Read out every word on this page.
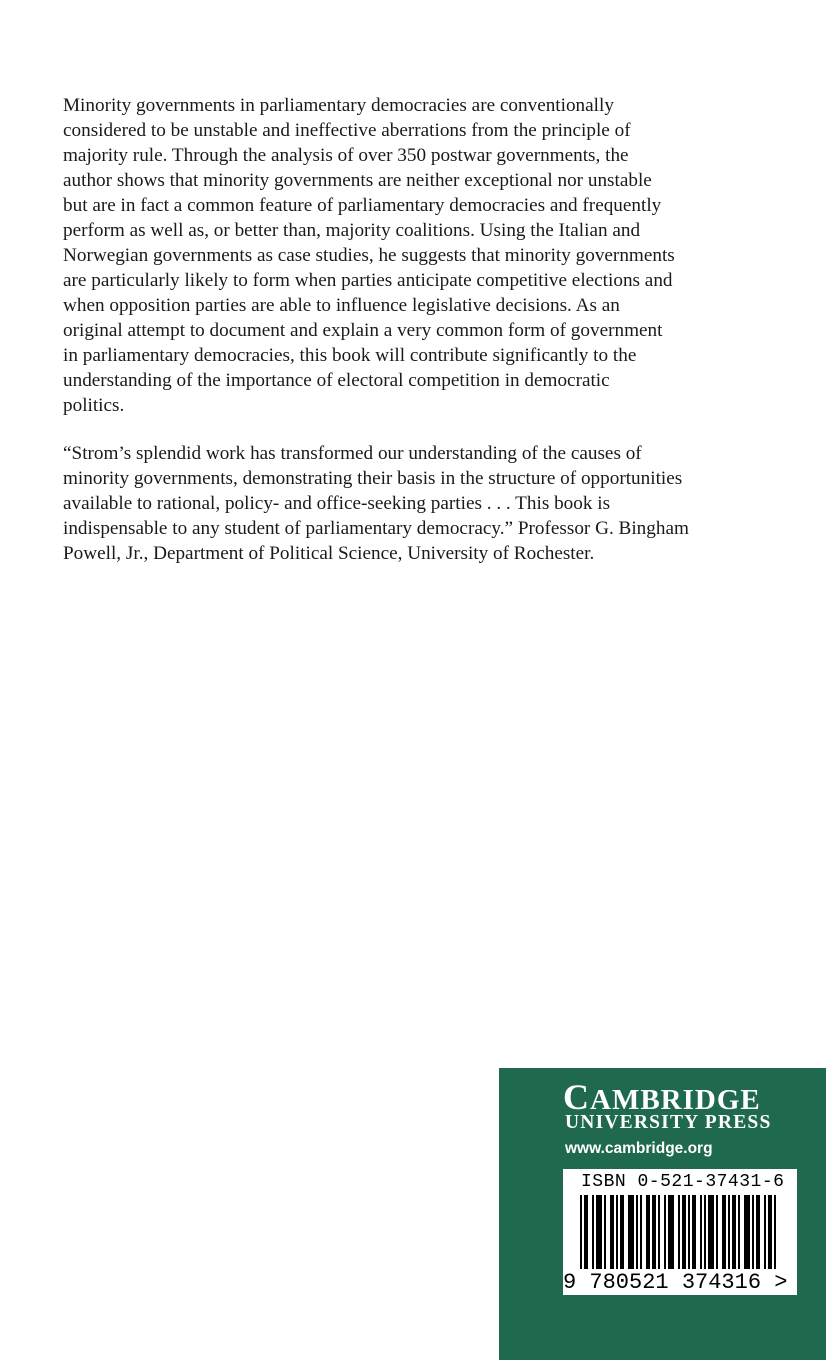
Minority governments in parliamentary democracies are conventionally
considered to be unstable and ineffective aberrations from the principle of
majority rule. Through the analysis of over 350 postwar governments, the
author shows that minority governments are neither exceptional nor unstable
but are in fact a common feature of parliamentary democracies and frequently
perform as well as, or better than, majority coalitions. Using the Italian and
Norwegian governments as case studies, he suggests that minority governments
are particularly likely to form when parties anticipate competitive elections and
when opposition parties are able to influence legislative decisions. As an
original attempt to document and explain a very common form of government
in parliamentary democracies, this book will contribute significantly to the
understanding of the importance of electoral competition in democratic
politics.
“Strom’s splendid work has transformed our understanding of the causes of
minority governments, demonstrating their basis in the structure of opportunities
available to rational, policy- and office-seeking parties . . . This book is
indispensable to any student of parliamentary democracy.” Professor G. Bingham
Powell, Jr., Department of Political Science, University of Rochester.
CAMBRIDGE
UNIVERSITY PRESS
www.cambridge.org
ISBN 0-521-37431-6
9 780521 374316 >
